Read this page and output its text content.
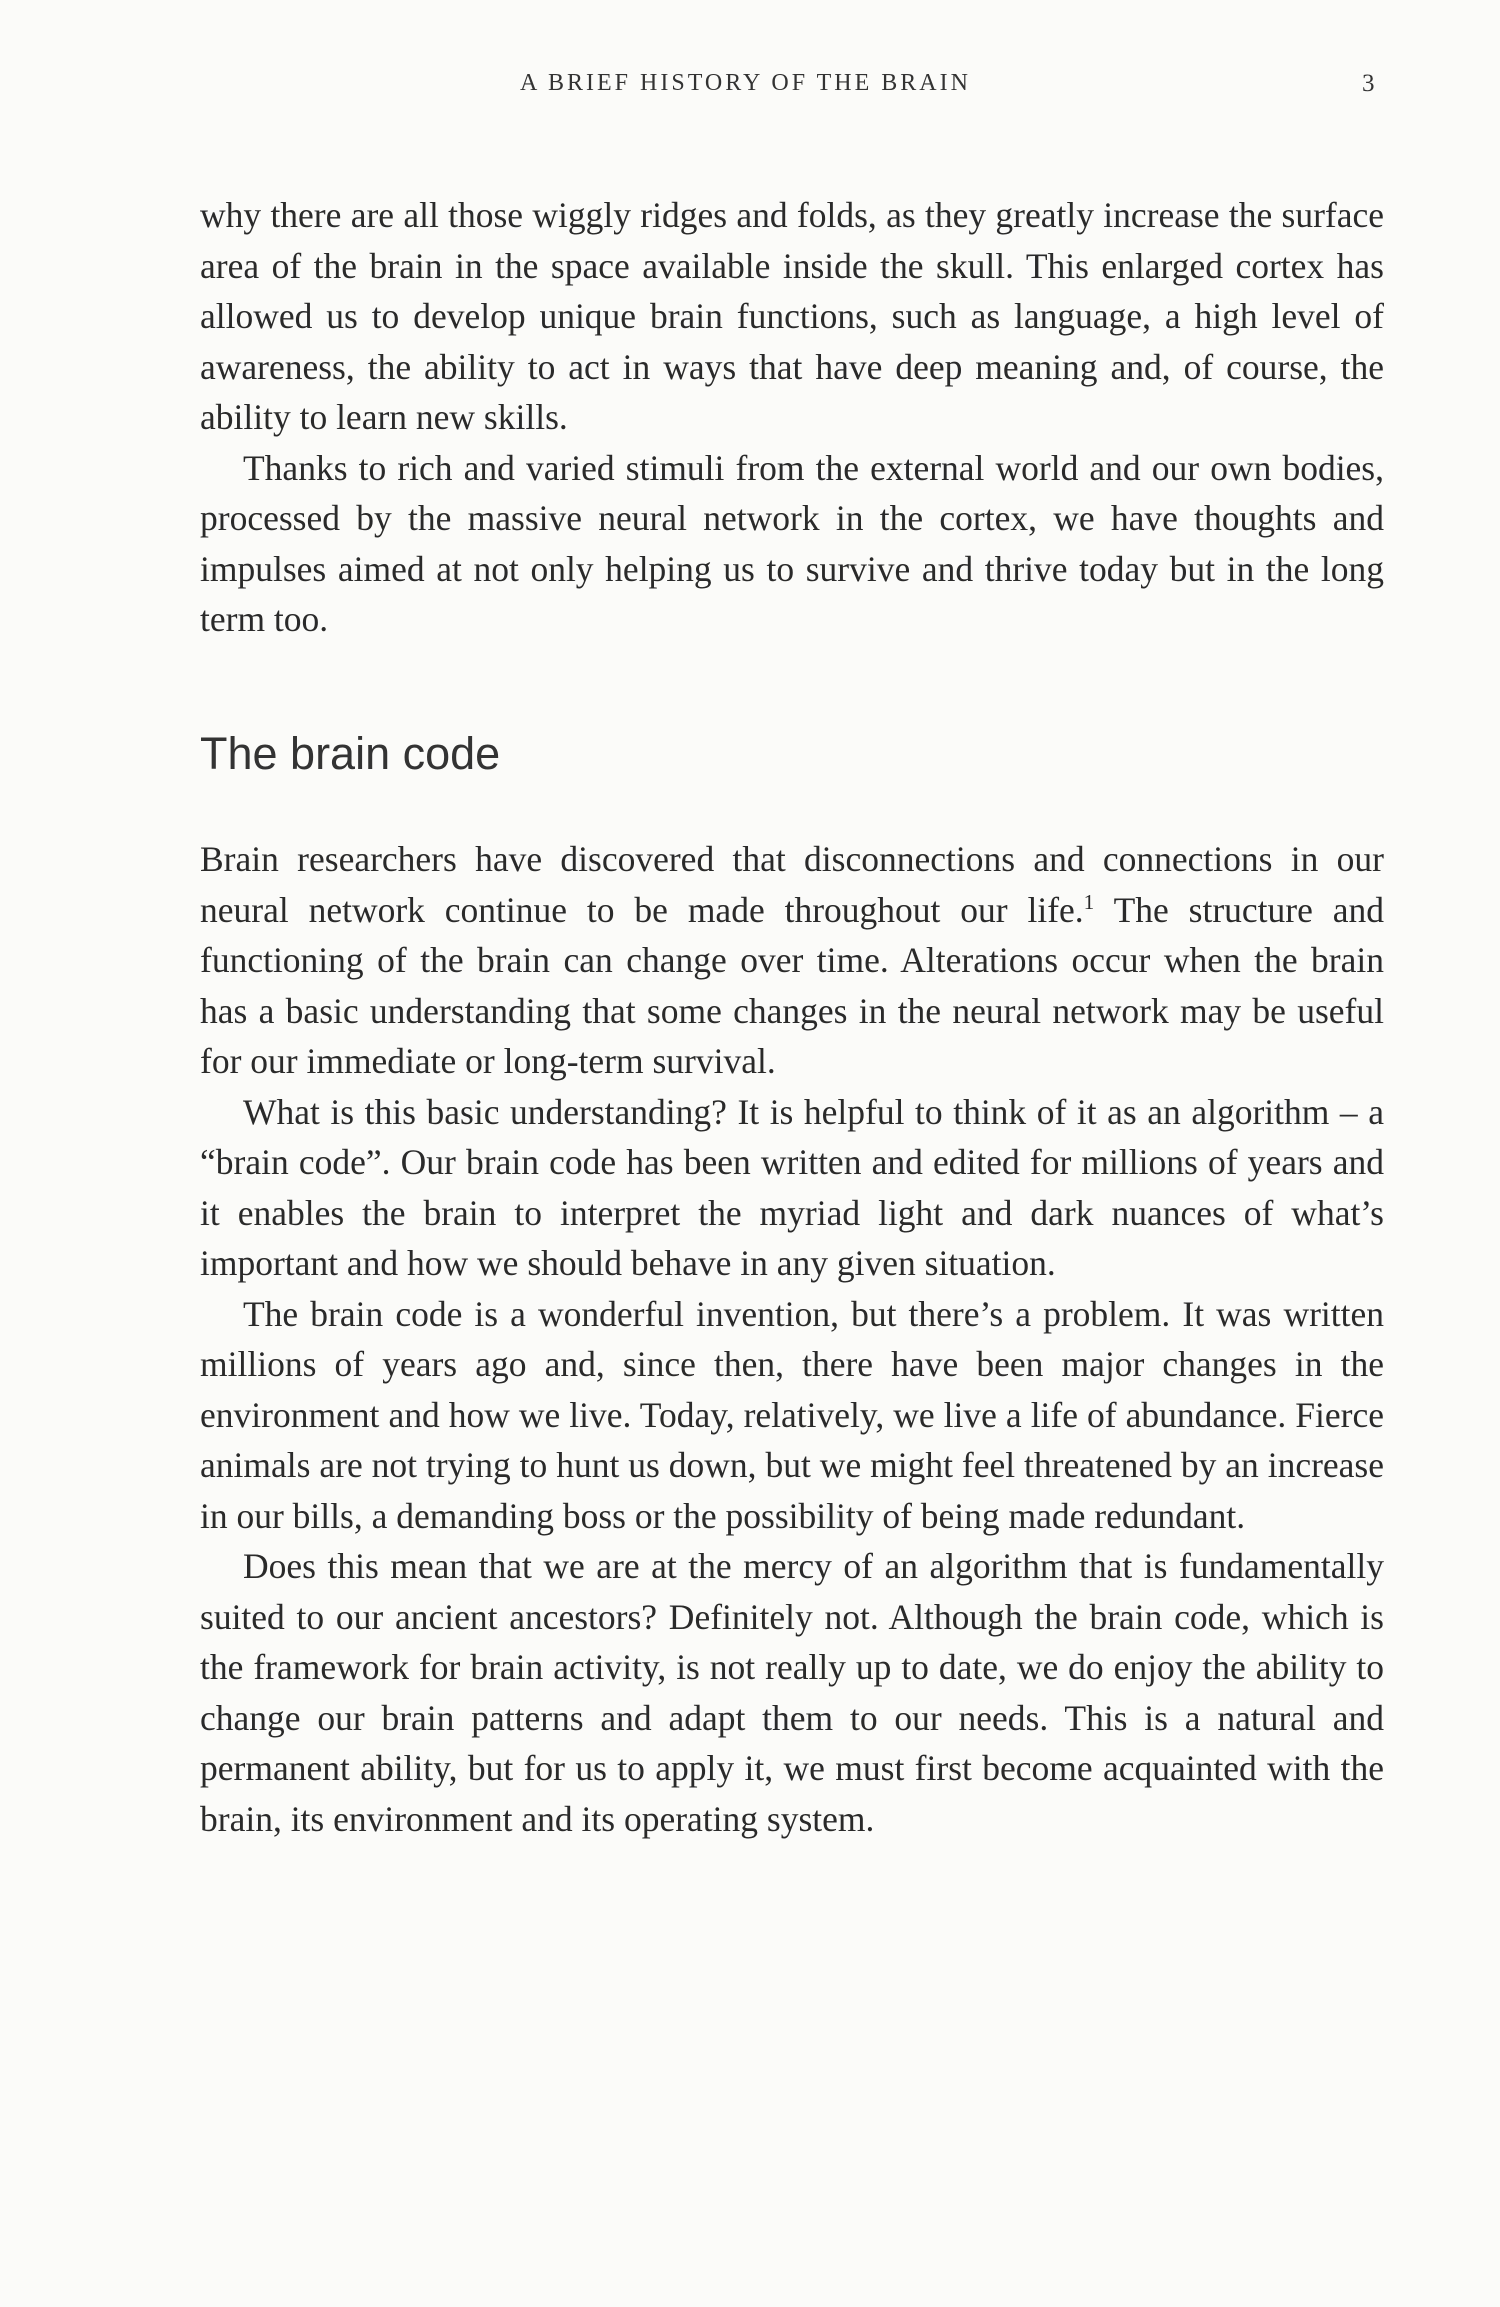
A BRIEF HISTORY OF THE BRAIN	3

why there are all those wiggly ridges and folds, as they greatly increase the surface area of the brain in the space available inside the skull. This enlarged cortex has allowed us to develop unique brain functions, such as language, a high level of awareness, the ability to act in ways that have deep meaning and, of course, the ability to learn new skills.

Thanks to rich and varied stimuli from the external world and our own bodies, processed by the massive neural network in the cortex, we have thoughts and impulses aimed at not only helping us to survive and thrive today but in the long term too.

The brain code

Brain researchers have discovered that disconnections and connections in our neural network continue to be made throughout our life.$^1$ The structure and functioning of the brain can change over time. Alterations occur when the brain has a basic understanding that some changes in the neural network may be useful for our immediate or long-term survival.

What is this basic understanding? It is helpful to think of it as an algorithm – a “brain code”. Our brain code has been written and edited for millions of years and it enables the brain to interpret the myriad light and dark nuances of what’s important and how we should behave in any given situation.

The brain code is a wonderful invention, but there’s a problem. It was written millions of years ago and, since then, there have been major changes in the environment and how we live. Today, relatively, we live a life of abundance. Fierce animals are not trying to hunt us down, but we might feel threatened by an increase in our bills, a demanding boss or the possibility of being made redundant.

Does this mean that we are at the mercy of an algorithm that is fundamentally suited to our ancient ancestors? Definitely not. Although the brain code, which is the framework for brain activity, is not really up to date, we do enjoy the ability to change our brain patterns and adapt them to our needs. This is a natural and permanent ability, but for us to apply it, we must first become acquainted with the brain, its environment and its operating system.
